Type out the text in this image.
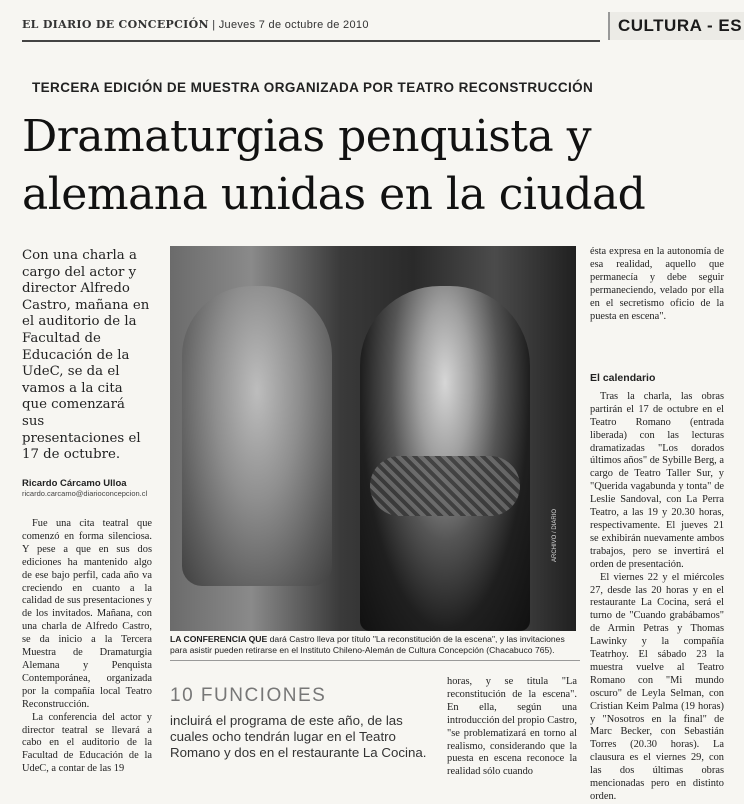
EL DIARIO DE CONCEPCIÓN | Jueves 7 de octubre de 2010	CULTURA - ES
TERCERA EDICIÓN DE MUESTRA ORGANIZADA POR TEATRO RECONSTRUCCIÓN
Dramaturgias penquista y alemana unidas en la ciudad
Con una charla a cargo del actor y director Alfredo Castro, mañana en el auditorio de la Facultad de Educación de la UdeC, se da el vamos a la cita que comenzará sus presentaciones el 17 de octubre.
Ricardo Cárcamo Ulloa
ricardo.carcamo@diarioconcepcion.cl

Fue una cita teatral que comenzó en forma silenciosa. Y pese a que en sus dos ediciones ha mantenido algo de ese bajo perfil, cada año va creciendo en cuanto a la calidad de sus presentaciones y de los invitados. Mañana, con una charla de Alfredo Castro, se da inicio a la Tercera Muestra de Dramaturgia Alemana y Penquista Contemporánea, organizada por la compañía local Teatro Reconstrucción.

La conferencia del actor y director teatral se llevará a cabo en el auditorio de la Facultad de Educación de la UdeC, a contar de las 19

ARCHIVO / DIARIO
LA CONFERENCIA QUE dará Castro lleva por título "La reconstitución de la escena", y las invitaciones para asistir pueden retirarse en el Instituto Chileno-Alemán de Cultura Concepción (Chacabuco 765).
10 FUNCIONES
incluirá el programa de este año, de las cuales ocho tendrán lugar en el Teatro Romano y dos en el restaurante La Cocina.

horas, y se titula "La reconstitución de la escena". En ella, según una introducción del propio Castro, "se problematizará en torno al realismo, considerando que la puesta en escena reconoce la realidad sólo cuando

ésta expresa en la autonomía de esa realidad, aquello que permanecía y debe seguir permaneciendo, velado por ella en el secretismo oficio de la puesta en escena".

El calendario

Tras la charla, las obras partirán el 17 de octubre en el Teatro Romano (entrada liberada) con las lecturas dramatizadas "Los dorados últimos años" de Sybille Berg, a cargo de Teatro Taller Sur, y "Querida vagabunda y tonta" de Leslie Sandoval, con La Perra Teatro, a las 19 y 20.30 horas, respectivamente. El jueves 21 se exhibirán nuevamente ambos trabajos, pero se invertirá el orden de presentación.

El viernes 22 y el miércoles 27, desde las 20 horas y en el restaurante La Cocina, será el turno de "Cuando grabábamos" de Armin Petras y Thomas Lawinky y la compañía Teatrhoy. El sábado 23 la muestra vuelve al Teatro Romano con "Mi mundo oscuro" de Leyla Selman, con Cristian Keim Palma (19 horas) y "Nosotros en la final" de Marc Becker, con Sebastián Torres (20.30 horas). La clausura es el viernes 29, con las dos últimas obras mencionadas pero en distinto orden.
